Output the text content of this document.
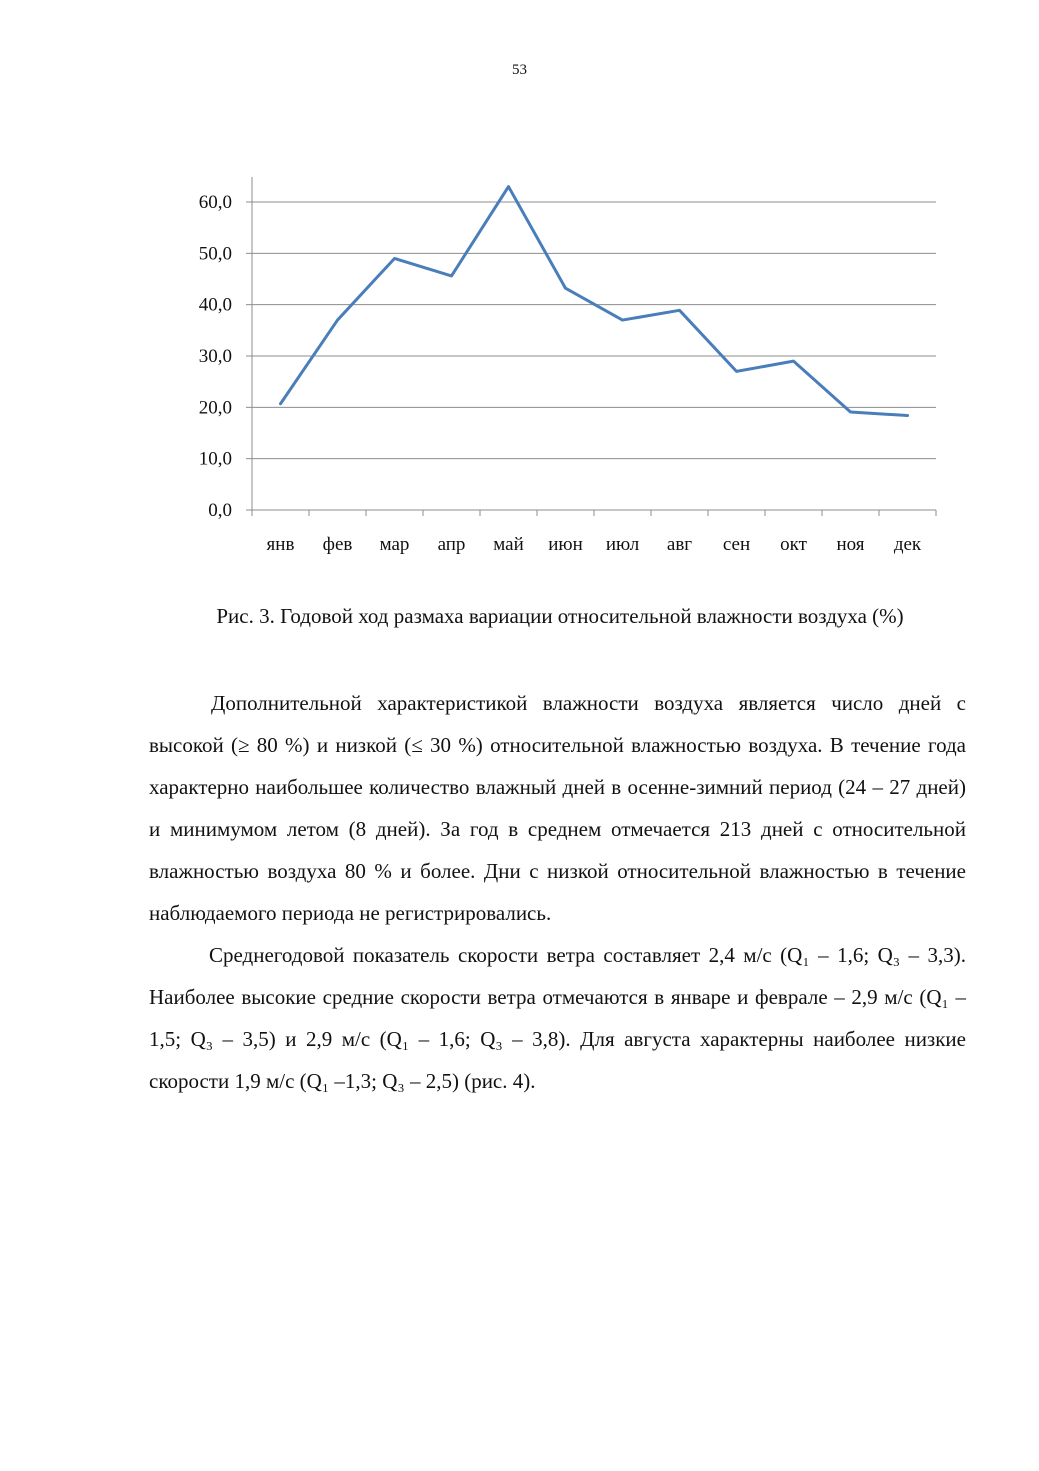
53
0,0
10,0
20,0
30,0
40,0
50,0
60,0
янв фев мар апр май июн июл авг сен окт ноя дек
Рис. 3. Годовой ход размаха вариации относительной влажности воздуха (%)

Дополнительной характеристикой влажности воздуха является число дней с высокой (≥ 80 %) и низкой (≤ 30 %) относительной влажностью воздуха. В течение года характерно наибольшее количество влажный дней в осенне-зимний период (24 – 27 дней) и минимумом летом (8 дней). За год в среднем отмечается 213 дней с относительной влажностью воздуха 80 % и более. Дни с низкой относительной влажностью в течение наблюдаемого периода не регистрировались.

Среднегодовой показатель скорости ветра составляет 2,4 м/с (Q₁ – 1,6; Q₃ – 3,3). Наиболее высокие средние скорости ветра отмечаются в январе и феврале – 2,9 м/с (Q₁ – 1,5; Q₃ – 3,5) и 2,9 м/с (Q₁ – 1,6; Q₃ – 3,8). Для августа характерны наиболее низкие скорости 1,9 м/с (Q₁ –1,3; Q₃ – 2,5) (рис. 4).
